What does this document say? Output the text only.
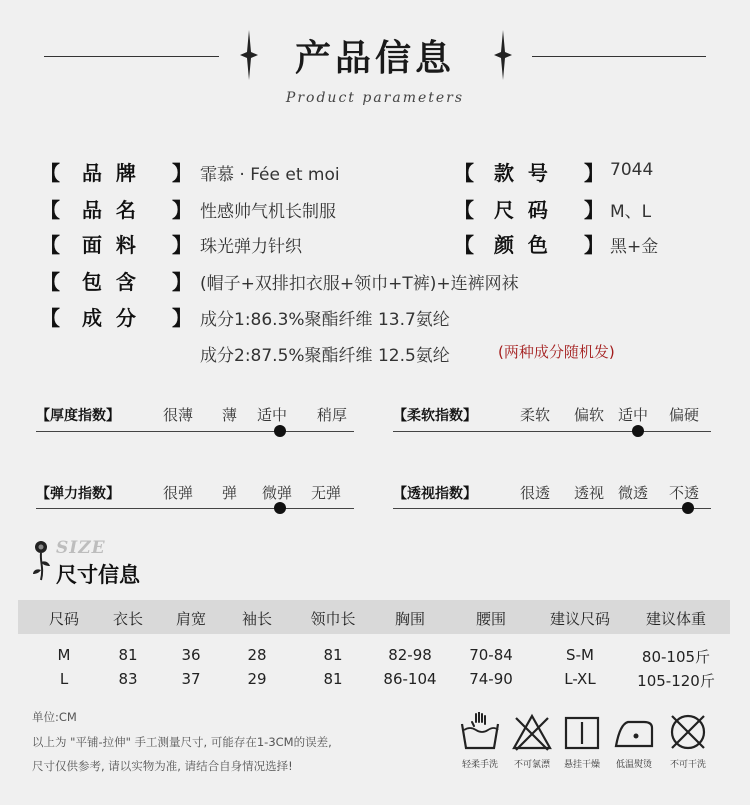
产品信息
Product parameters
【 品  牌 】 霏慕 · Fée et moi	【 款  号 】 7044
【 品  名 】 性感帅气机长制服	【 尺  码 】 M、L
【 面  料 】 珠光弹力针织	【 颜  色 】 黑+金
【 包  含 】 (帽子+双排扣衣服+领巾+T裤)+连裤网袜
【 成  分 】 成分1:86.3%聚酯纤维 13.7氨纶
成分2:87.5%聚酯纤维 12.5氨纶	(两种成分随机发)
【厚度指数】	很薄 薄 适中 稍厚	【柔软指数】	柔软 偏软 适中 偏硬
【弹力指数】	很弹 弹 微弹 无弹	【透视指数】	很透 透视 微透 不透
SIZE
尺寸信息
尺码	衣长	肩宽	袖长	领巾长	胸围	腰围	建议尺码	建议体重
M	81	36	28	81	82-98	70-84	S-M	80-105斤
L	83	37	29	81	86-104	74-90	L-XL	105-120斤
单位:CM
以上为 "平铺-拉伸" 手工测量尺寸, 可能存在1-3CM的误差,
尺寸仅供参考, 请以实物为准, 请结合自身情况选择!	轻柔手洗	不可氯漂	悬挂干燥	低温熨烫	不可干洗
